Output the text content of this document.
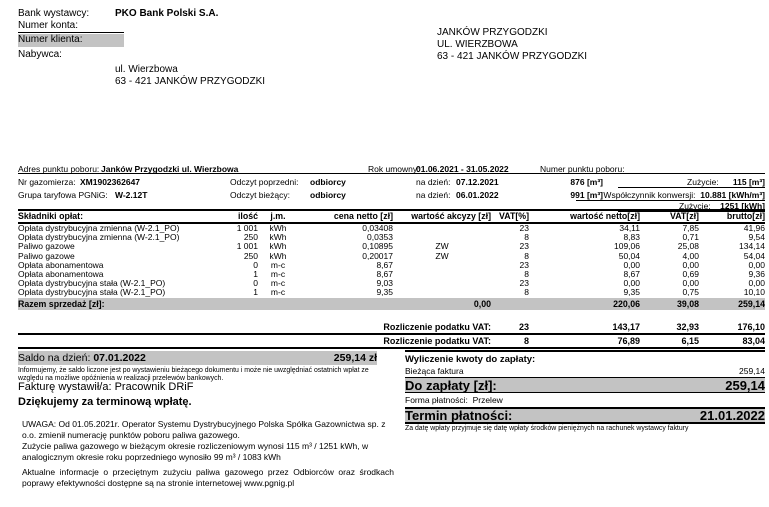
Bank wystawcy:	PKO Bank Polski S.A.
Numer konta:
Numer klienta:
Nabywca:
ul. Wierzbowa
63 - 421 JANKÓW PRZYGODZKI
JANKÓW PRZYGODZKI
UL. WIERZBOWA
63 - 421 JANKÓW PRZYGODZKI
Adres punktu poboru: Janków Przygodzki ul. Wierzbowa	Rok umowny:
01.06.2021 - 31.05.2022	Numer punktu poboru:
Nr gazomierza: XM1902362647	Odczyt poprzedni: odbiorcy	na dzień: 07.12.2021	876 [m³]	Zużycie: 115 [m³]
Grupa taryfowa PGNiG: W-2.12T	Odczyt bieżący: odbiorcy	na dzień: 06.01.2022	991 [m³] Współczynnik konwersji: 10.881 [kWh/m³]
Zużycie: 1251 [kWh]
Składniki opłat:	ilość	j.m.	cena netto [zł]	wartość akcyzy [zł]	VAT[%]	wartość netto[zł]	VAT[zł]	brutto[zł]
Opłata dystrybucyjna zmienna (W-2.1_PO)	1 001	kWh	0,03408		23	34,11	7,85	41,96
Opłata dystrybucyjna zmienna (W-2.1_PO)	250	kWh	0,0353		8	8,83	0,71	9,54
Paliwo gazowe	1 001	kWh	0,10895	ZW	23	109,06	25,08	134,14
Paliwo gazowe	250	kWh	0,20017	ZW	8	50,04	4,00	54,04
Opłata abonamentowa	0	m-c	8,67		23	0,00	0,00	0,00
Opłata abonamentowa	1	m-c	8,67		8	8,67	0,69	9,36
Opłata dystrybucyjna stała (W-2.1_PO)	0	m-c	9,03		23	0,00	0,00	0,00
Opłata dystrybucyjna stała (W-2.1_PO)	1	m-c	9,35		8	9,35	0,75	10,10
Razem sprzedaż [zł]:				0,00		220,06	39,08	259,14
Rozliczenie podatku VAT:	23	143,17	32,93	176,10
Rozliczenie podatku VAT:	8	76,89	6,15	83,04
Saldo na dzień: 07.01.2022	259,14 zł
Informujemy, że saldo liczone jest po wystawieniu bieżącego dokumentu i może nie uwzględniać ostatnich wpłat ze względu na możliwe opóźnienia w realizacji przelewów bankowych.
Fakturę wystawił/a: Pracownik DRiF
Dziękujemy za terminową wpłatę.
Wyliczenie kwoty do zapłaty:
Bieżąca faktura	259,14
Do zapłaty [zł]:	259,14
Forma płatności: Przelew
Termin płatności:	21.01.2022
Za datę wpłaty przyjmuje się datę wpłaty środków pieniężnych na rachunek wystawcy faktury
UWAGA: Od 01.05.2021r. Operator Systemu Dystrybucyjnego Polska Spółka Gazownictwa sp. z o.o. zmienił numerację punktów poboru paliwa gazowego.
Zużycie paliwa gazowego w bieżącym okresie rozliczeniowym wynosi 115 m³ / 1251 kWh, w analogicznym okresie roku poprzedniego wynosiło 99 m³ / 1083 kWh
Aktualne informacje o przeciętnym zużyciu paliwa gazowego przez Odbiorców oraz środkach poprawy efektywności dostępne są na stronie internetowej www.pgnig.pl
